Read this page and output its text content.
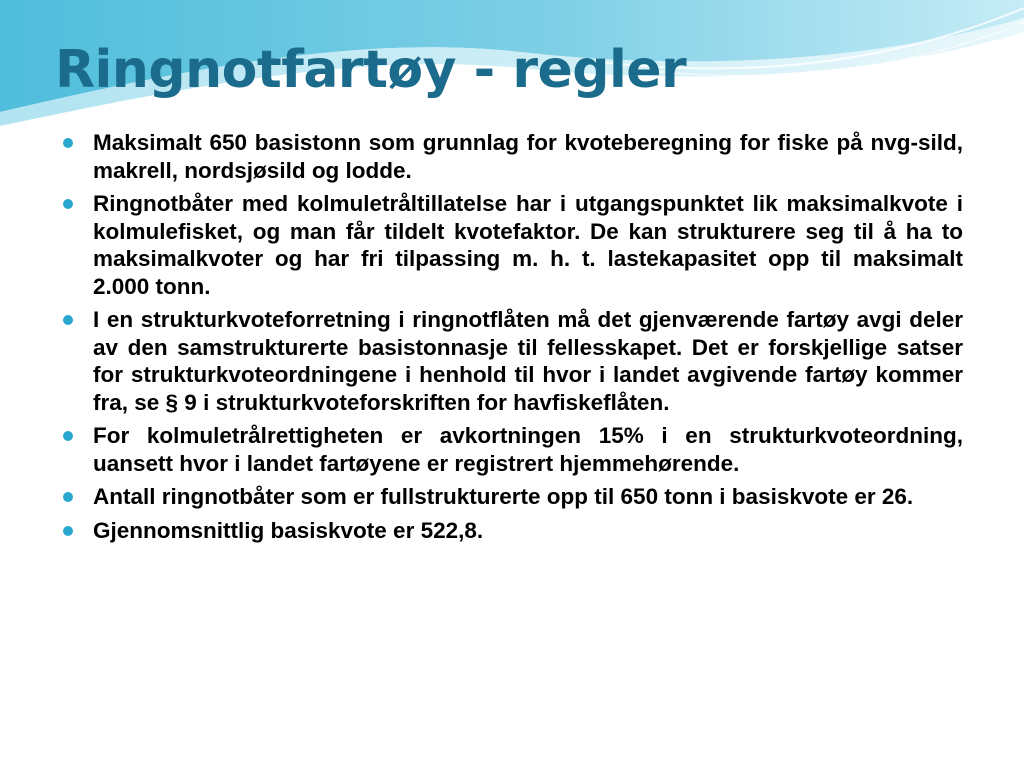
Ringnotfartøy - regler
Maksimalt 650 basistonn som grunnlag for kvoteberegning for fiske på nvg-sild, makrell, nordsjøsild og lodde.
Ringnotbåter med kolmuletråltillatelse har i utgangspunktet lik maksimalkvote i kolmulefisket, og man får tildelt kvotefaktor. De kan strukturere seg til å ha to maksimalkvoter og har fri tilpassing m. h. t. lastekapasitet opp til maksimalt 2.000 tonn.
I en strukturkvoteforretning i ringnotflåten må det gjenværende fartøy avgi deler av den samstrukturerte basistonnasje til fellesskapet. Det er forskjellige satser for strukturkvoteordningene i henhold til hvor i landet avgivende fartøy kommer fra, se § 9 i strukturkvoteforskriften for havfiskeflåten.
For kolmuletrålrettigheten er avkortningen 15% i en strukturkvoteordning, uansett hvor i landet fartøyene er registrert hjemmehørende.
Antall ringnotbåter som er fullstrukturerte opp til 650 tonn i basiskvote er 26.
Gjennomsnittlig basiskvote er 522,8.
